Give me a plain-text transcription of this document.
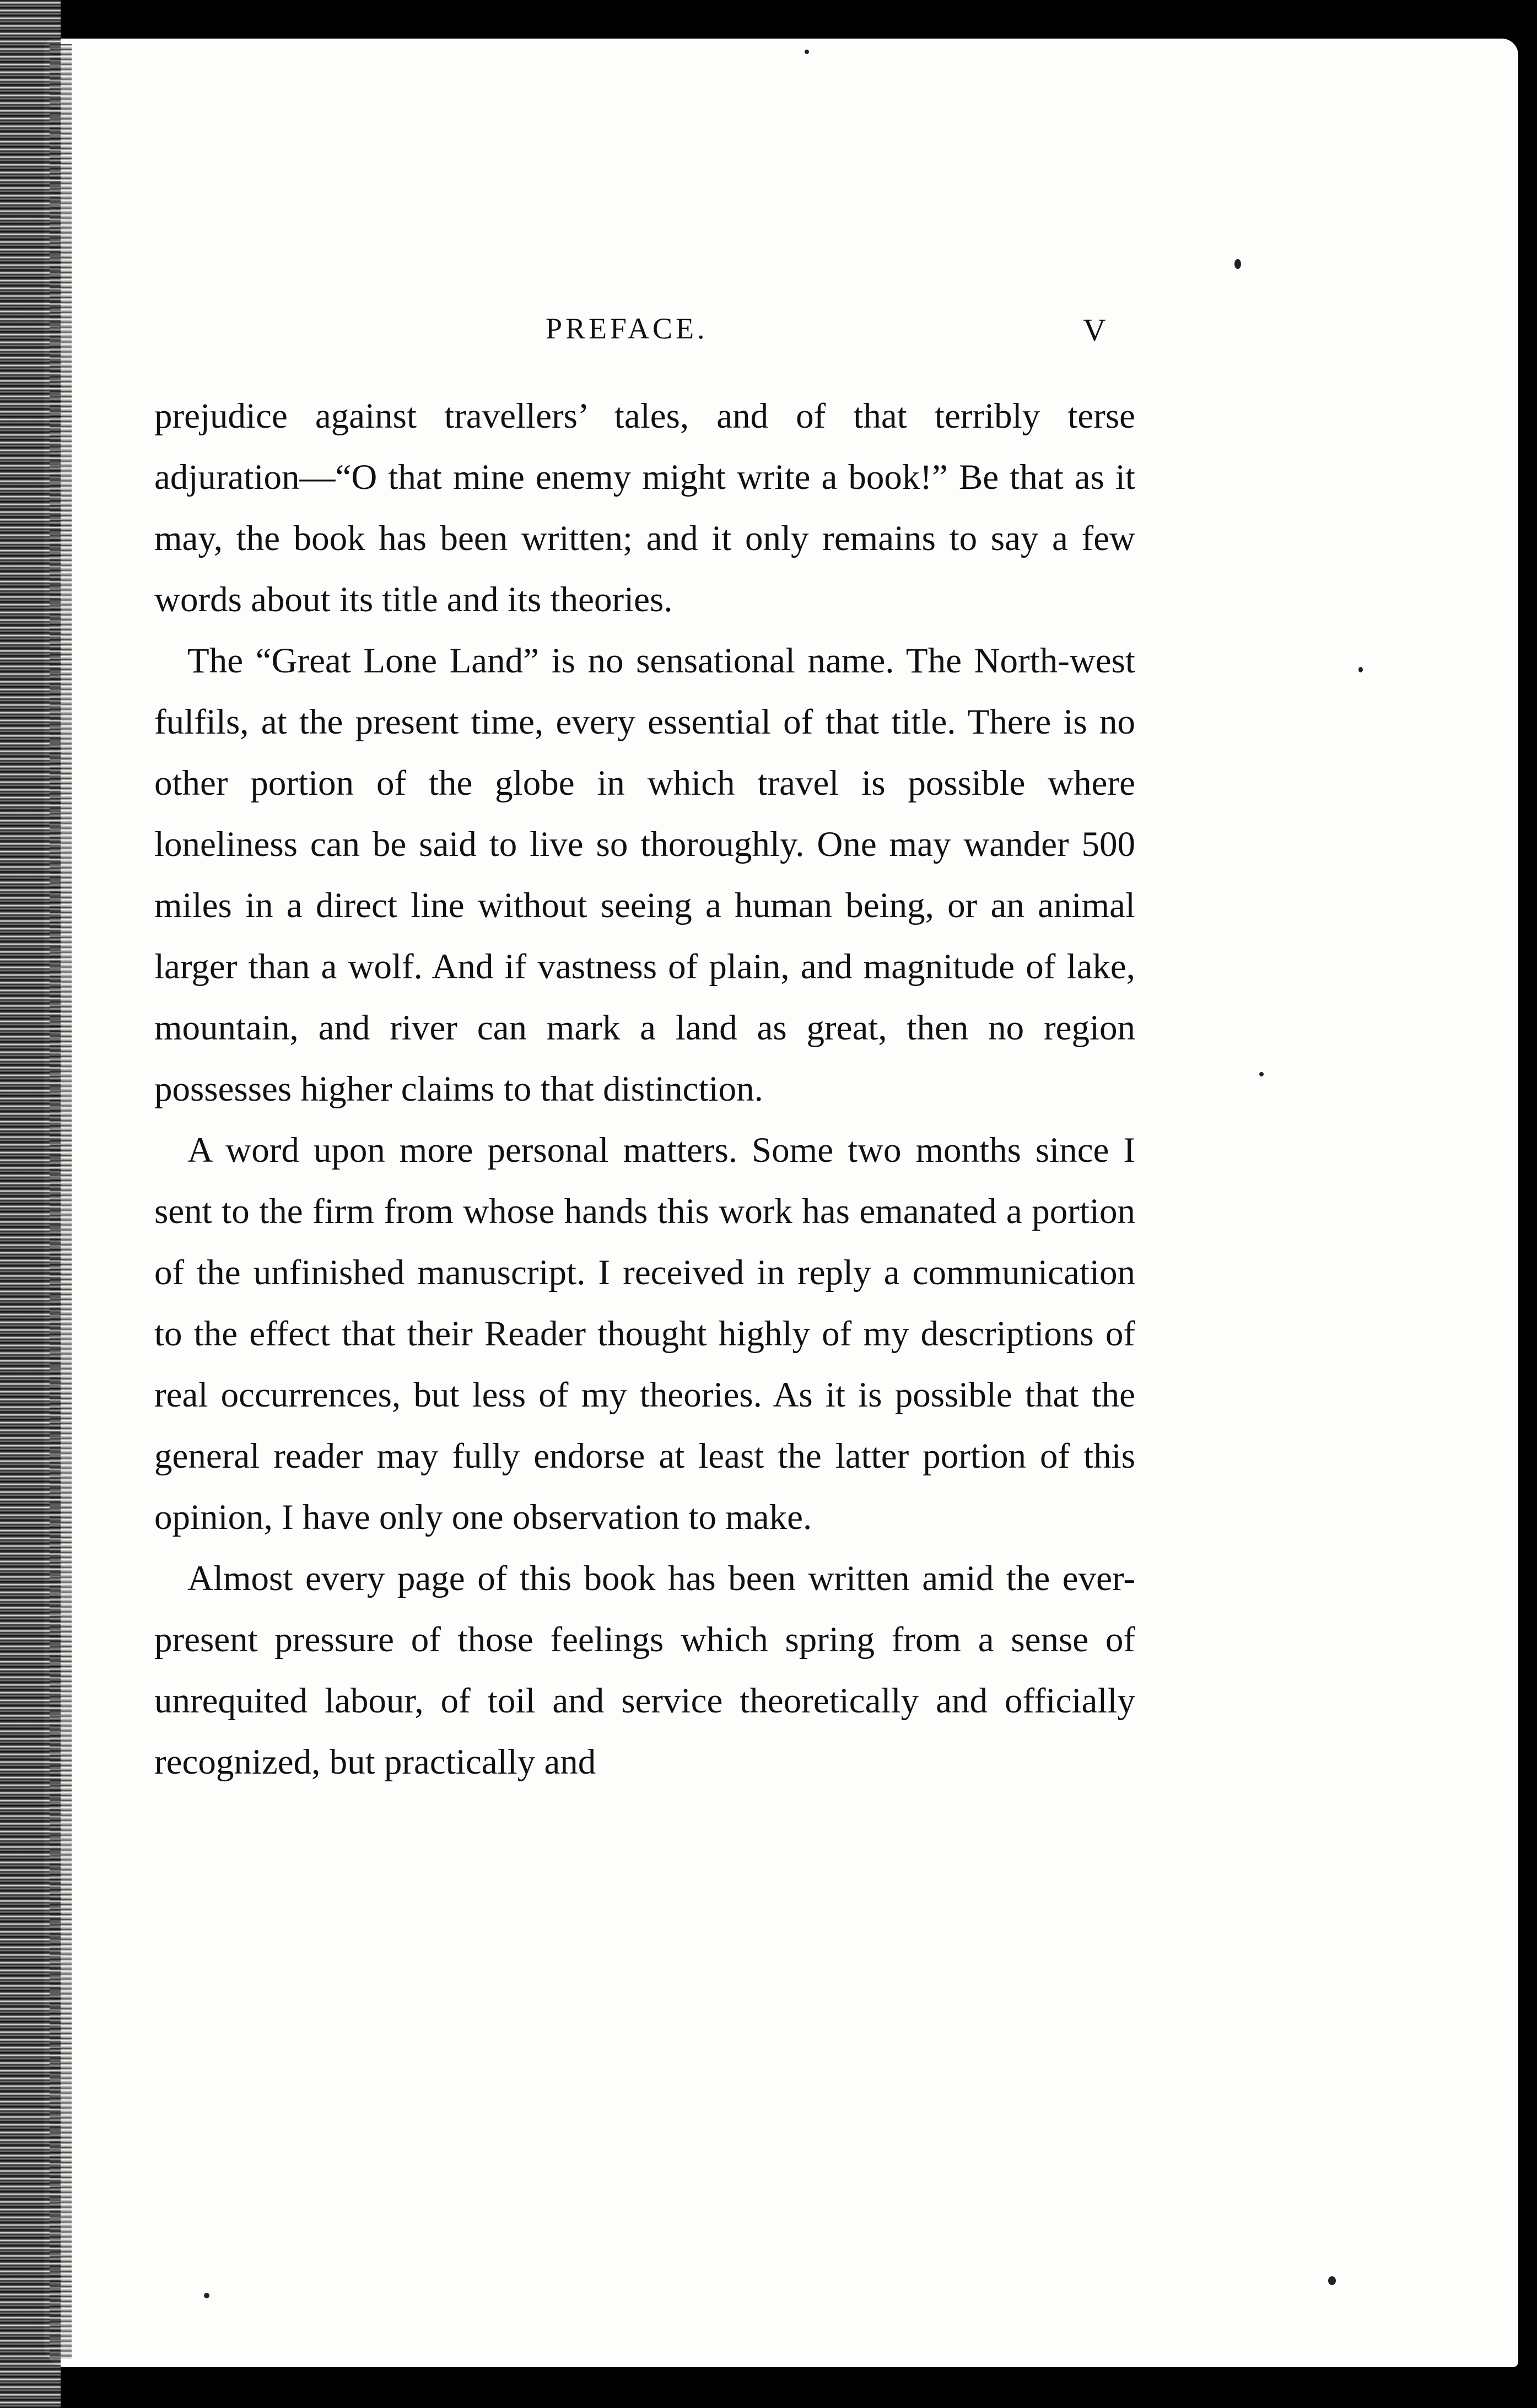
PREFACE.	V

prejudice against travellers’ tales, and of that terribly terse adjuration—“O that mine enemy might write a book!” Be that as it may, the book has been written; and it only remains to say a few words about its title and its theories.

The “Great Lone Land” is no sensational name. The North-west fulfils, at the present time, every essential of that title. There is no other portion of the globe in which travel is possible where loneliness can be said to live so thoroughly. One may wander 500 miles in a direct line without seeing a human being, or an animal larger than a wolf. And if vastness of plain, and magnitude of lake, mountain, and river can mark a land as great, then no region possesses higher claims to that distinction.

A word upon more personal matters. Some two months since I sent to the firm from whose hands this work has emanated a portion of the unfinished manuscript. I received in reply a communication to the effect that their Reader thought highly of my descriptions of real occurrences, but less of my theories. As it is possible that the general reader may fully endorse at least the latter portion of this opinion, I have only one observation to make.

Almost every page of this book has been written amid the ever-present pressure of those feelings which spring from a sense of unrequited labour, of toil and service theoretically and officially recognized, but practically and
